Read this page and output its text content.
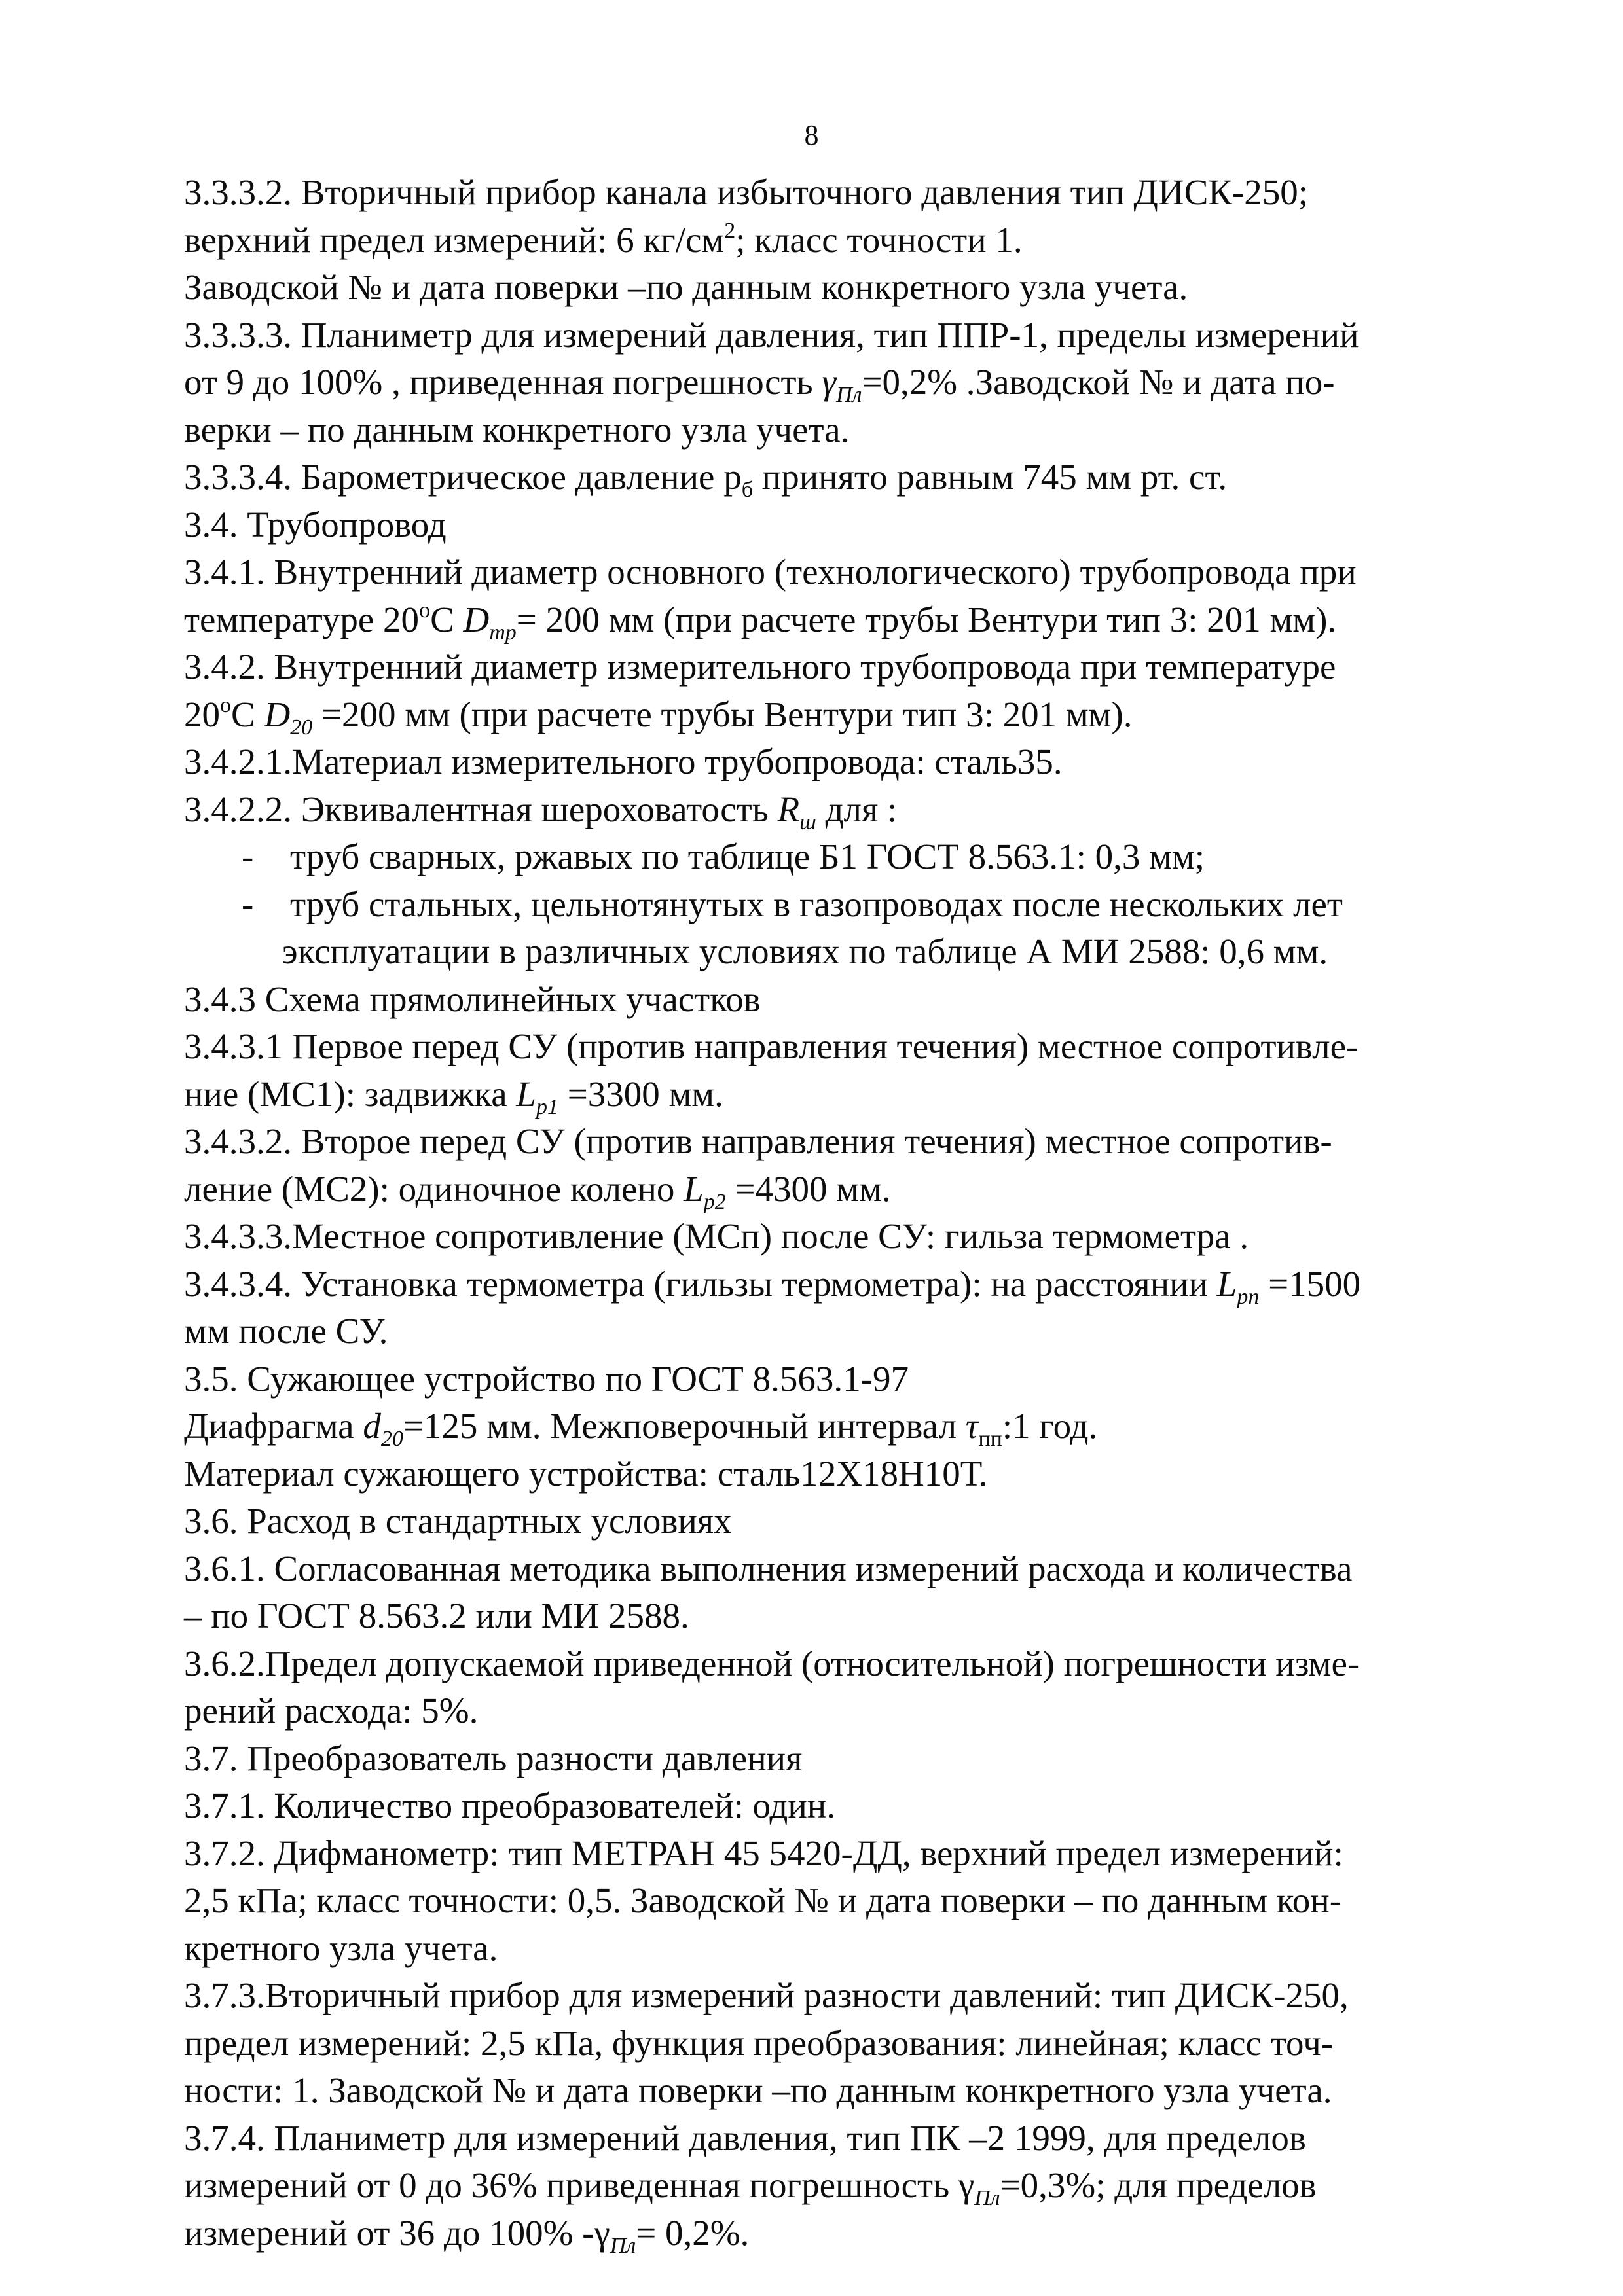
8
3.3.3.2. Вторичный прибор канала избыточного давления тип ДИСК-250;
верхний предел измерений: 6 $кг/см^2$; класс точности 1.
Заводской № и дата поверки –по данным конкретного узла учета.
3.3.3.3. Планиметр для измерений давления, тип ППР-1, пределы измерений
от 9 до 100% , приведенная погрешность $\gamma_{Пл}=0,2\%$ .Заводской № и дата по-
верки – по данным конкретного узла учета.
3.3.3.4. Барометрическое давление $р_б$ принято равным 745 мм рт. ст.
3.4. Трубопровод
3.4.1. Внутренний диаметр основного (технологического) трубопровода при
температуре 20$^o$С $D_{тр}= 200$ мм (при расчете трубы Вентури тип 3: 201 мм).
3.4.2. Внутренний диаметр измерительного трубопровода при температуре
20$^o$С $D_{20} =200$ мм (при расчете трубы Вентури тип 3: 201 мм).
3.4.2.1.Материал измерительного трубопровода: сталь35.
3.4.2.2. Эквивалентная шероховатость $R_ш$ для :
- труб сварных, ржавых по таблице Б1 ГОСТ 8.563.1: 0,3 мм;
- труб стальных, цельнотянутых в газопроводах после нескольких лет
эксплуатации в различных условиях по таблице А МИ 2588: 0,6 мм.
3.4.3 Схема прямолинейных участков
3.4.3.1 Первое перед СУ (против направления течения) местное сопротивле-
ние (МС1): задвижка $L_{p1} =3300$ мм.
3.4.3.2. Второе перед СУ (против направления течения) местное сопротив-
ление (МС2): одиночное колено $L_{p2} =4300$ мм.
3.4.3.3.Местное сопротивление (МСп) после СУ: гильза термометра .
3.4.3.4. Установка термометра (гильзы термометра): на расстоянии $L_{pn} =1500$
мм после СУ.
3.5. Сужающее устройство по ГОСТ 8.563.1-97
Диафрагма $d_{20}=125$ мм. Межповерочный интервал $\tau_{пп}:1$ год.
Материал сужающего устройства: сталь12Х18Н10Т.
3.6. Расход в стандартных условиях
3.6.1. Согласованная методика выполнения измерений расхода и количества
– по ГОСТ 8.563.2 или МИ 2588.
3.6.2.Предел допускаемой приведенной (относительной) погрешности изме-
рений расхода: 5%.
3.7. Преобразователь разности давления
3.7.1. Количество преобразователей: один.
3.7.2. Дифманометр: тип МЕТРАН 45 5420-ДД, верхний предел измерений:
2,5 кПа; класс точности: 0,5. Заводской № и дата поверки – по данным кон-
кретного узла учета.
3.7.3.Вторичный прибор для измерений разности давлений: тип ДИСК-250,
предел измерений: 2,5 кПа, функция преобразования: линейная; класс точ-
ности: 1. Заводской № и дата поверки –по данным конкретного узла учета.
3.7.4. Планиметр для измерений давления, тип ПК –2 1999, для пределов
измерений от 0 до 36% приведенная погрешность $\gamma_{Пл}=0,3\%$; для пределов
измерений от 36 до 100% $-\gamma_{Пл}= 0,2\%$.
